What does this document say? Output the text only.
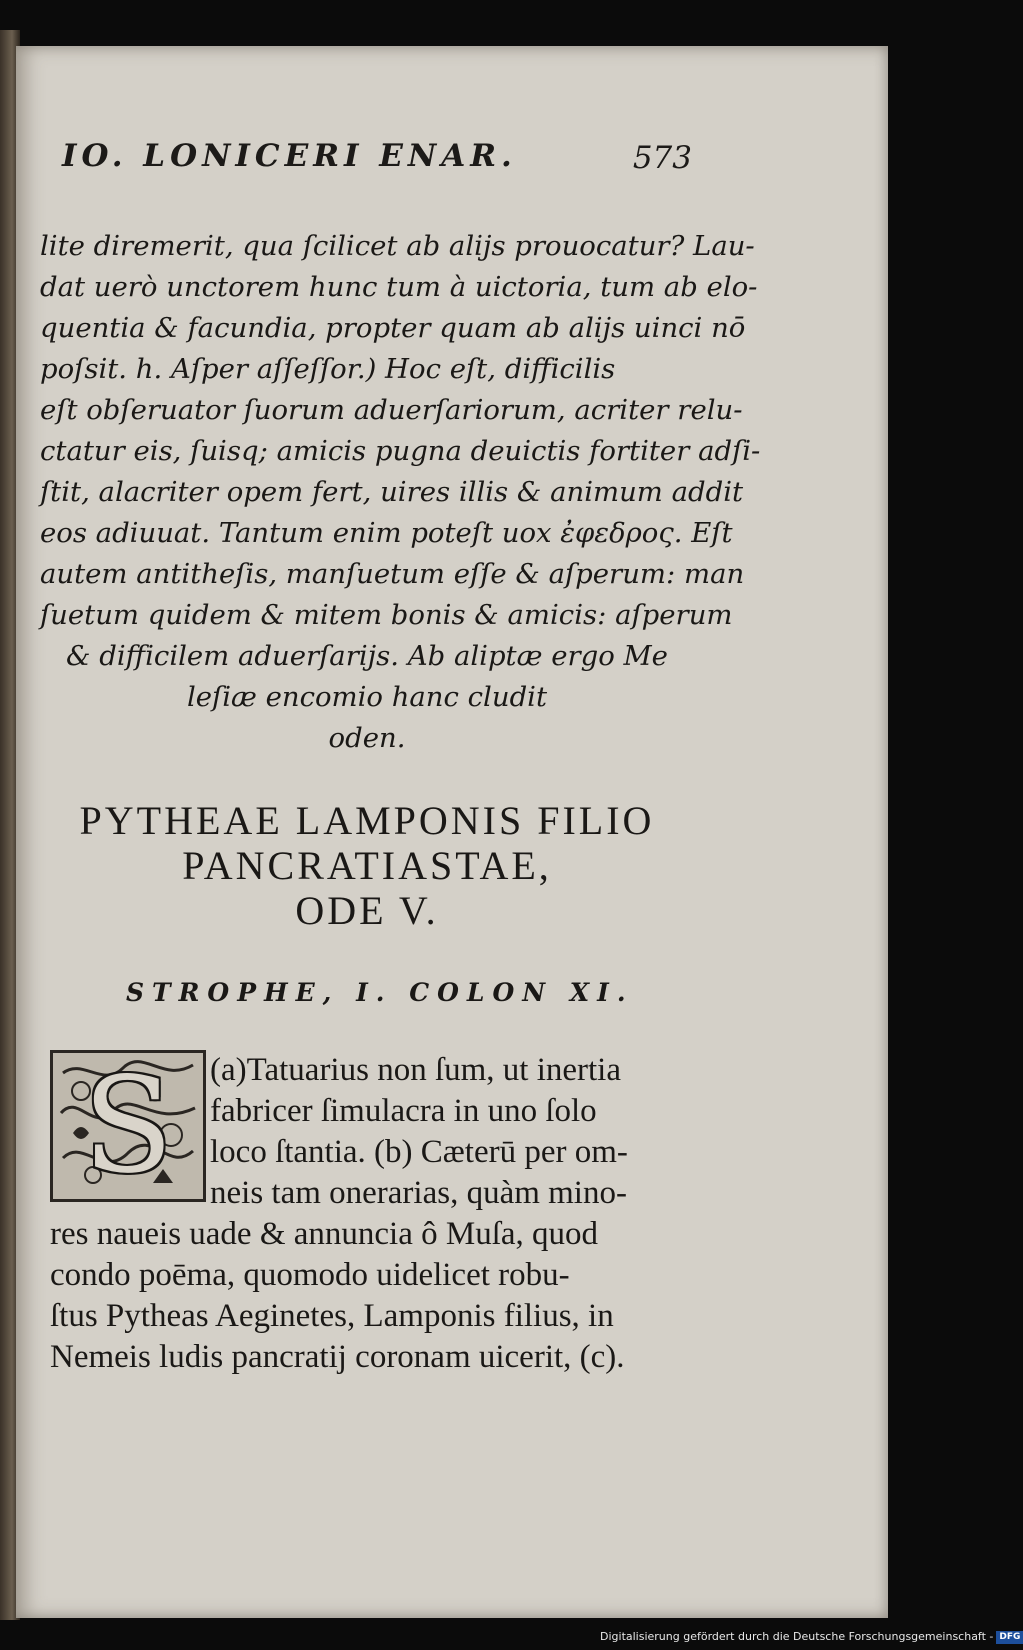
IO. LONICERI ENAR.	573
lite diremerit, qua ſcilicet ab alijs prouocatur? Lau-
dat uerò unctorem hunc tum à uictoria, tum ab elo-
quentia & facundia, propter quam ab alijs uinci nō
poſsit. h. Aſper aſſeſſor.) Hoc eſt, difficilis
eſt obſeruator ſuorum aduerſariorum, acriter relu-
ctatur eis, ſuisq; amicis pugna deuictis fortiter adſi-
ſtit, alacriter opem fert, uires illis & animum addit
eos adiuuat. Tantum enim poteſt uox ἐφεδρος. Eſt
autem antitheſis, manſuetum eſſe & aſperum: man
ſuetum quidem & mitem bonis & amicis: aſperum
& difficilem aduerſarijs. Ab aliptæ ergo Me
leſiæ encomio hanc cludit
oden.
PYTHEAE LAMPONIS FILIO
PANCRATIASTAE,
ODE V.
STROPHE, I. COLON XI.
S	(a)Tatuarius non ſum, ut inertia
fabricer ſimulacra in uno ſolo
loco ſtantia. (b) Cæterū per om-
neis tam onerarias, quàm mino-
res naueis uade & annuncia ô Muſa, quod
condo poēma, quomodo uidelicet robu-
ſtus Pytheas Aeginetes, Lamponis filius, in
Nemeis ludis pancratij coronam uicerit, (c).
Digitalisierung gefördert durch die Deutsche Forschungsgemeinschaft - DFG
